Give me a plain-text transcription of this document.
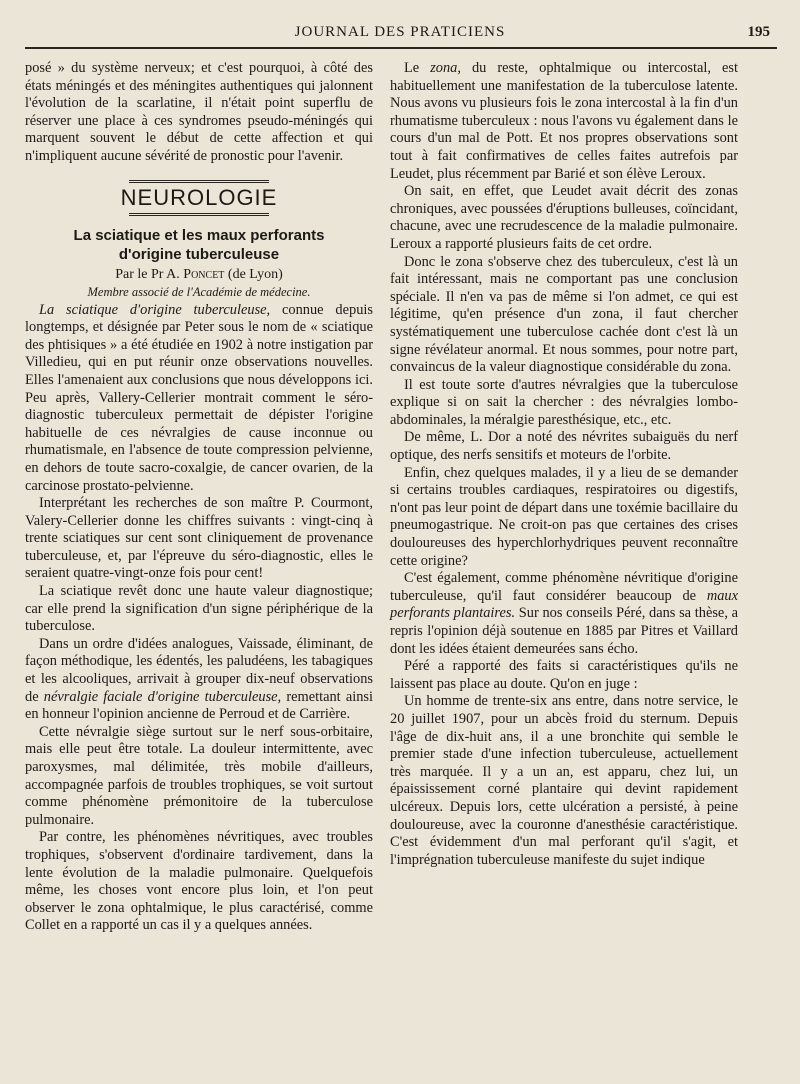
JOURNAL DES PRATICIENS	195

posé » du système nerveux; et c'est pourquoi, à côté des états méningés et des méningites authentiques qui jalonnent l'évolution de la scarlatine, il n'était point superflu de réserver une place à ces syndromes pseudo-méningés qui marquent souvent le début de cette affection et qui n'impliquent aucune sévérité de pronostic pour l'avenir.

NEUROLOGIE
La sciatique et les maux perforants
d'origine tuberculeuse
Par le Pr A. Poncet (de Lyon)
Membre associé de l'Académie de médecine.

La sciatique d'origine tuberculeuse, connue depuis longtemps, et désignée par Peter sous le nom de « sciatique des phtisiques » a été étudiée en 1902 à notre instigation par Villedieu, qui en put réunir onze observations nouvelles. Elles l'amenaient aux conclusions que nous développons ici. Peu après, Vallery-Cellerier montrait comment le séro-diagnostic tuberculeux permettait de dépister l'origine habituelle de ces névralgies de cause inconnue ou rhumatismale, en l'absence de toute compression pelvienne, en dehors de toute sacro-coxalgie, de cancer ovarien, de la carcinose prostato-pelvienne.

Interprétant les recherches de son maître P. Courmont, Valery-Cellerier donne les chiffres suivants : vingt-cinq à trente sciatiques sur cent sont cliniquement de provenance tuberculeuse, et, par l'épreuve du séro-diagnostic, elles le seraient quatre-vingt-onze fois pour cent!

La sciatique revêt donc une haute valeur diagnostique; car elle prend la signification d'un signe périphérique de la tuberculose.

Dans un ordre d'idées analogues, Vaissade, éliminant, de façon méthodique, les édentés, les paludéens, les tabagiques et les alcooliques, arrivait à grouper dix-neuf observations de névralgie faciale d'origine tuberculeuse, remettant ainsi en honneur l'opinion ancienne de Perroud et de Carrière.

Cette névralgie siège surtout sur le nerf sous-orbitaire, mais elle peut être totale. La douleur intermittente, avec paroxysmes, mal délimitée, très mobile d'ailleurs, accompagnée parfois de troubles trophiques, se voit surtout comme phénomène prémonitoire de la tuberculose pulmonaire.

Par contre, les phénomènes névritiques, avec troubles trophiques, s'observent d'ordinaire tardivement, dans la lente évolution de la maladie pulmonaire. Quelquefois même, les choses vont encore plus loin, et l'on peut observer le zona ophtalmique, le plus caractérisé, comme Collet en a rapporté un cas il y a quelques années.

Le zona, du reste, ophtalmique ou intercostal, est habituellement une manifestation de la tuberculose latente. Nous avons vu plusieurs fois le zona intercostal à la fin d'un rhumatisme tuberculeux : nous l'avons vu également dans le cours d'un mal de Pott. Et nos propres observations sont tout à fait confirmatives de celles faites autrefois par Leudet, plus récemment par Barié et son élève Leroux.

On sait, en effet, que Leudet avait décrit des zonas chroniques, avec poussées d'éruptions bulleuses, coïncidant, chacune, avec une recrudescence de la maladie pulmonaire. Leroux a rapporté plusieurs faits de cet ordre.

Donc le zona s'observe chez des tuberculeux, c'est là un fait intéressant, mais ne comportant pas une conclusion spéciale. Il n'en va pas de même si l'on admet, ce qui est légitime, qu'en présence d'un zona, il faut chercher systématiquement une tuberculose cachée dont c'est là un signe révélateur anormal. Et nous sommes, pour notre part, convaincus de la valeur diagnostique considérable du zona.

Il est toute sorte d'autres névralgies que la tuberculose explique si on sait la chercher : des névralgies lombo-abdominales, la méralgie paresthésique, etc., etc.

De même, L. Dor a noté des névrites subaiguës du nerf optique, des nerfs sensitifs et moteurs de l'orbite.

Enfin, chez quelques malades, il y a lieu de se demander si certains troubles cardiaques, respiratoires ou digestifs, n'ont pas leur point de départ dans une toxémie bacillaire du pneumogastrique. Ne croit-on pas que certaines des crises douloureuses des hyperchlorhydriques peuvent reconnaître cette origine?

C'est également, comme phénomène névritique d'origine tuberculeuse, qu'il faut considérer beaucoup de maux perforants plantaires. Sur nos conseils Péré, dans sa thèse, a repris l'opinion déjà soutenue en 1885 par Pitres et Vaillard dont les idées étaient demeurées sans écho.

Péré a rapporté des faits si caractéristiques qu'ils ne laissent pas place au doute. Qu'on en juge :

Un homme de trente-six ans entre, dans notre service, le 20 juillet 1907, pour un abcès froid du sternum. Depuis l'âge de dix-huit ans, il a une bronchite qui semble le premier stade d'une infection tuberculeuse, actuellement très marquée. Il y a un an, est apparu, chez lui, un épaississement corné plantaire qui devint rapidement ulcéreux. Depuis lors, cette ulcération a persisté, à peine douloureuse, avec la couronne d'anesthésie caractéristique. C'est évidemment d'un mal perforant qu'il s'agit, et l'imprégnation tuberculeuse manifeste du sujet indique
